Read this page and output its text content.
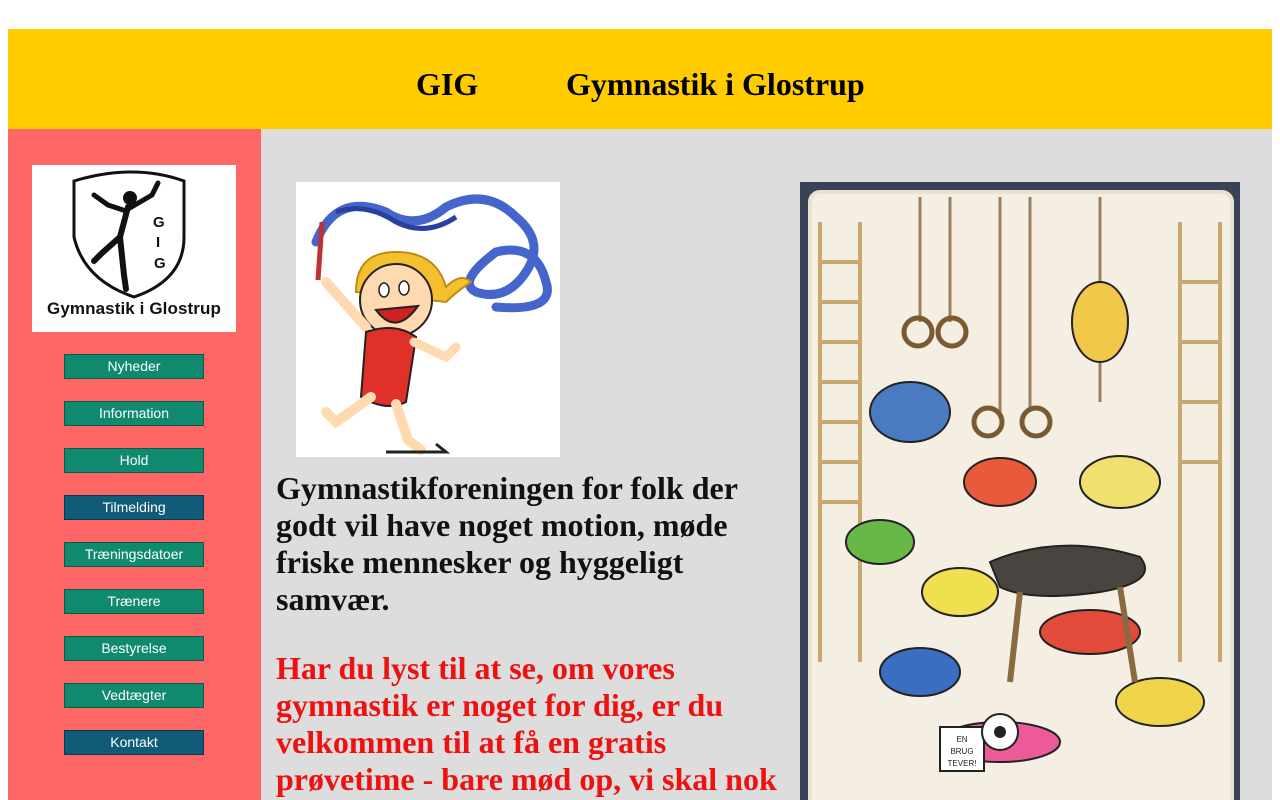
GIG	Gymnastik i Glostrup
G
I
G
Gymnastik i Glostrup
Nyheder
Information
Hold
Tilmelding
Træningsdatoer
Trænere
Bestyrelse
Vedtægter
Kontakt

Gymnastikforeningen for folk der godt vil have noget motion, møde friske mennesker og hyggeligt samvær.

Har du lyst til at se, om vores gymnastik er noget for dig, er du velkommen til at få en gratis prøvetime - bare mød op, vi skal nok

EN
BRUG
TEVER!
